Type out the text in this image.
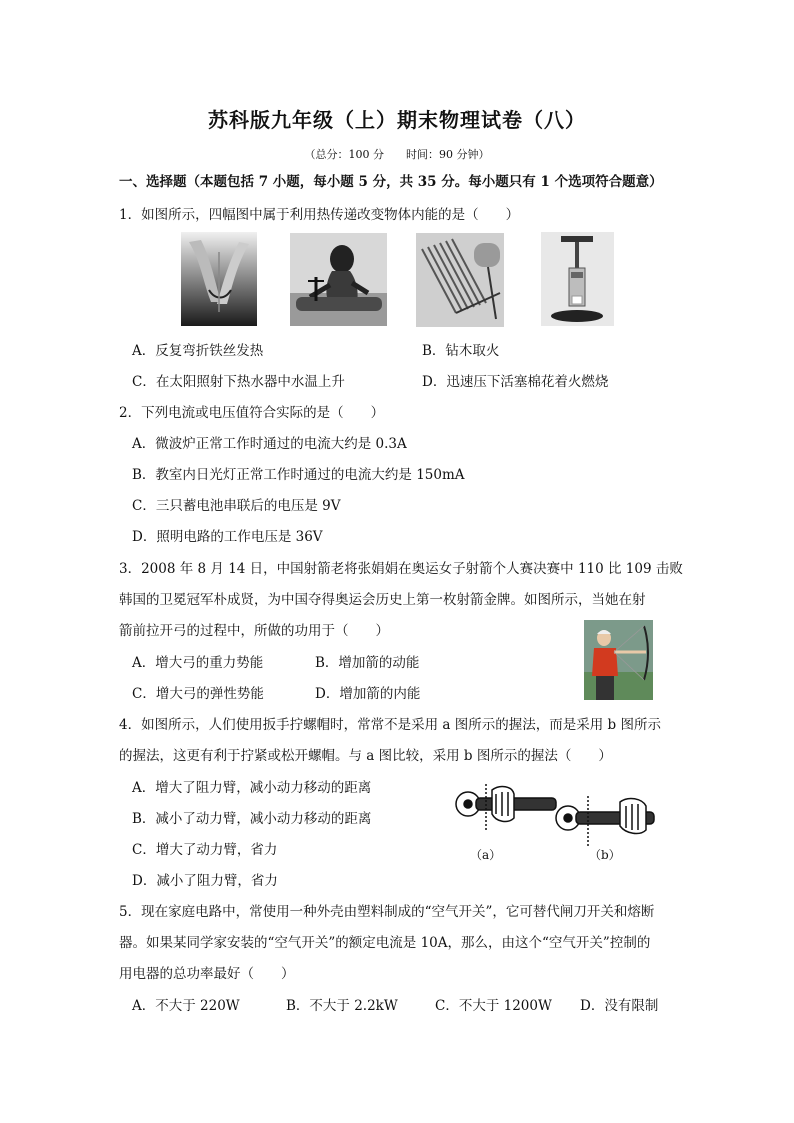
苏科版九年级（上）期末物理试卷（八）
（总分：100 分　　时间：90 分钟）
一、选择题（本题包括 7 小题，每小题 5 分，共 35 分。每小题只有 1 个选项符合题意）
1．如图所示，四幅图中属于利用热传递改变物体内能的是（　　）
A．反复弯折铁丝发热	B．钻木取火
C．在太阳照射下热水器中水温上升	D．迅速压下活塞棉花着火燃烧
2．下列电流或电压值符合实际的是（　　）
A．微波炉正常工作时通过的电流大约是 0.3A
B．教室内日光灯正常工作时通过的电流大约是 150mA
C．三只蓄电池串联后的电压是 9V
D．照明电路的工作电压是 36V
3．2008 年 8 月 14 日，中国射箭老将张娟娟在奥运女子射箭个人赛决赛中 110 比 109 击败
韩国的卫冕冠军朴成贤，为中国夺得奥运会历史上第一枚射箭金牌。如图所示，当她在射
箭前拉开弓的过程中，所做的功用于（　　）
A．增大弓的重力势能	B．增加箭的动能
C．增大弓的弹性势能	D．增加箭的内能
4．如图所示，人们使用扳手拧螺帽时，常常不是采用 a 图所示的握法，而是采用 b 图所示
的握法，这更有利于拧紧或松开螺帽。与 a 图比较，采用 b 图所示的握法（　　）
A．增大了阻力臂，减小动力移动的距离
B．减小了动力臂，减小动力移动的距离
C．增大了动力臂，省力
D．减小了阻力臂，省力
（a）	（b）
5．现在家庭电路中，常使用一种外壳由塑料制成的“空气开关”，它可替代闸刀开关和熔断
器。如果某同学家安装的“空气开关”的额定电流是 10A，那么，由这个“空气开关”控制的
用电器的总功率最好（　　）
A．不大于 220W	B．不大于 2.2kW	C．不大于 1200W D．没有限制
